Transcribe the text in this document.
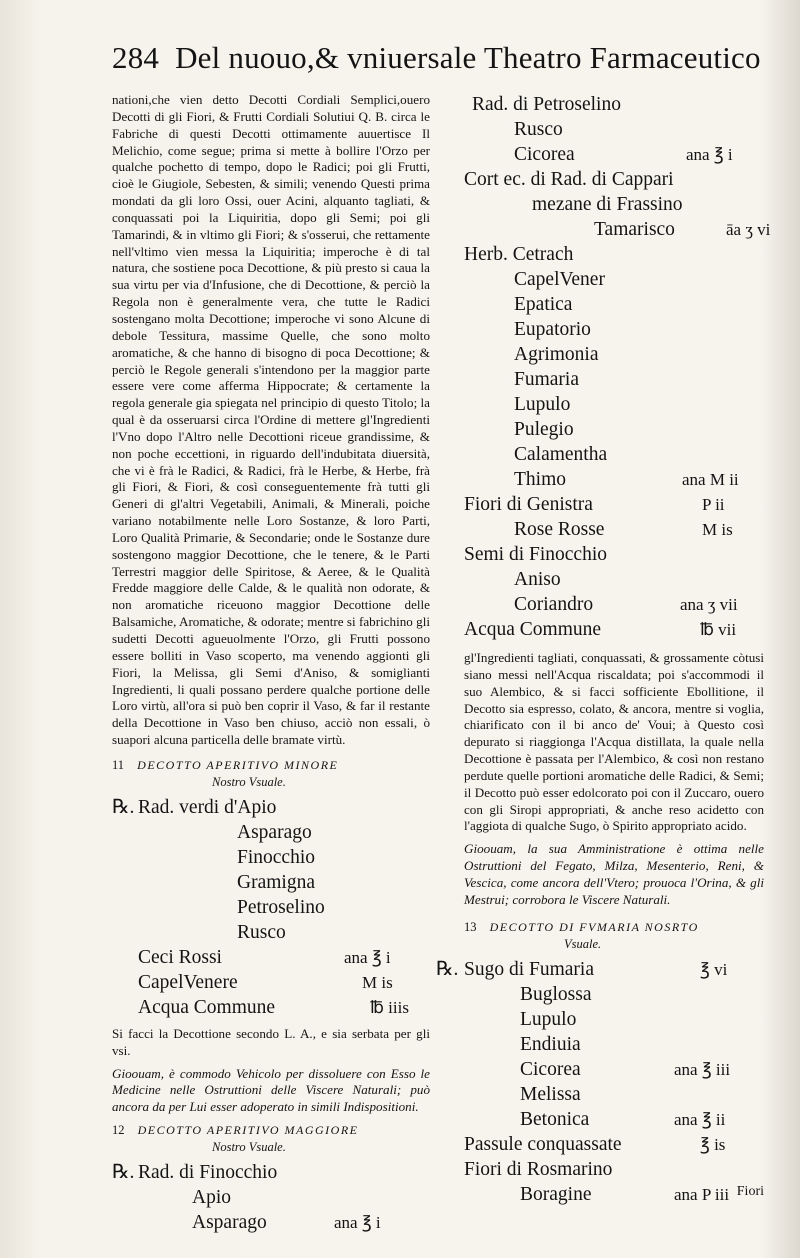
284 Del nuouo,& vniuersale Theatro Farmaceutico

nationi,che vien detto Decotti Cordiali Semplici,ouero Decotti di gli Fiori, & Frutti Cordiali Solutiui Q. B. circa le Fabriche di questi Decotti ottimamente auuertisce Il Melichio, come segue; prima si mette à bollire l'Orzo per qualche pochetto di tempo, dopo le Radici; poi gli Frutti, cioè le Giugiole, Sebesten, & simili; venendo Questi prima mondati da gli loro Ossi, ouer Acini, alquanto tagliati, & conquassati poi la Liquiritia, dopo gli Semi; poi gli Tamarindi, & in vltimo gli Fiori; & s'osserui, che rettamente nell'vltimo vien messa la Liquiritia; imperoche è di tal natura, che sostiene poca Decottione, & più presto si caua la sua virtu per via d'Infusione, che di Decottione, & perciò la Regola non è generalmente vera, che tutte le Radici sostengano molta Decottione; imperoche vi sono Alcune di debole Tessitura, massime Quelle, che sono molto aromatiche, & che hanno di bisogno di poca Decottione; & perciò le Regole generali s'intendono per la maggior parte essere vere come afferma Hippocrate; & certamente la regola generale gia spiegata nel principio di questo Titolo; la qual è da osseruarsi circa l'Ordine di mettere gl'Ingredienti l'Vno dopo l'Altro nelle Decottioni riceue grandissime, & non poche eccettioni, in riguardo dell'indubitata diuersità, che vi è frà le Radici, & Radici, frà le Herbe, & Herbe, frà gli Fiori, & Fiori, & così conseguentemente frà tutti gli Generi di gl'altri Vegetabili, Animali, & Minerali, poiche variano notabilmente nelle Loro Sostanze, & loro Parti, Loro Qualità Primarie, & Secondarie; onde le Sostanze dure sostengono maggior Decottione, che le tenere, & le Parti Terrestri maggior delle Spiritose, & Aeree, & le Qualità Fredde maggiore delle Calde, & le qualità non odorate, & non aromatiche riceuono maggior Decottione delle Balsamiche, Aromatiche, & odorate; mentre si fabrichino gli sudetti Decotti agueuolmente l'Orzo, gli Frutti possono essere bolliti in Vaso scoperto, ma venendo aggionti gli Fiori, la Melissa, gli Semi d'Aniso, & somiglianti Ingredienti, li quali possano perdere qualche portione delle Loro virtù, all'ora si può ben coprir il Vaso, & far il restante della Decottione in Vaso ben chiuso, acciò non essali, ò suapori alcuna particella delle bramate virtù.

11 DECOTTO APERITIVO MINORE
Nostro Vsuale.
℞. Rad. verdi d'Apio
Asparago
Finocchio
Gramigna
Petroselino
Rusco
Ceci Rossi	ana ℥ i
CapelVenere	M is
Acqua Commune	℔ iiis

Si facci la Decottione secondo L. A., e sia serbata per gli vsi.

Gioouam, è commodo Vehicolo per dissoluere con Esso le Medicine nelle Ostruttioni delle Viscere Naturali; può ancora da per Lui esser adoperato in simili Indispositioni.

12 DECOTTO APERITIVO MAGGIORE
Nostro Vsuale.
℞. Rad. di Finocchio
Apio
Asparago	ana ℥ i
Rad. di Petroselino
Rusco
Cicorea	ana ℥ i
Cort ec. di Rad. di Cappari
mezane di Frassino
Tamarisco	āa ʒ vi
Herb. Cetrach
CapelVener
Epatica
Eupatorio
Agrimonia
Fumaria
Lupulo
Pulegio
Calamentha
Thimo	ana M ii
Fiori di Genistra	P ii
Rose Rosse	M is
Semi di Finocchio
Aniso
Coriandro	ana ʒ vii
Acqua Commune	℔ vii

gl'Ingredienti tagliati, conquassati, & grossamente còtusi siano messi nell'Acqua riscaldata; poi s'accommodi il suo Alembico, & si facci sofficiente Ebollitione, il Decotto sia espresso, colato, & ancora, mentre si voglia, chiarificato con il bi anco de' Voui; à Questo così depurato si riaggionga l'Acqua distillata, la quale nella Decottione è passata per l'Alembico, & così non restano perdute quelle portioni aromatiche delle Radici, & Semi; il Decotto può esser edolcorato poi con il Zuccaro, ouero con gli Siropi appropriati, & anche reso acidetto con l'aggiota di qualche Sugo, ò Spirito appropriato acido.

Gioouam, la sua Amministratione è ottima nelle Ostruttioni del Fegato, Milza, Mesenterio, Reni, & Vescica, come ancora dell'Vtero; prouoca l'Orina, & gli Mestrui; corrobora le Viscere Naturali.

13 DECOTTO DI FVMARIA NOSRTO
Vsuale.
℞. Sugo di Fumaria	℥ vi
Buglossa
Lupulo
Endiuia
Cicorea	ana ℥ iii
Melissa
Betonica	ana ℥ ii
Passule conquassate	℥ is
Fiori di Rosmarino
Boragine	ana P iii Fiori
